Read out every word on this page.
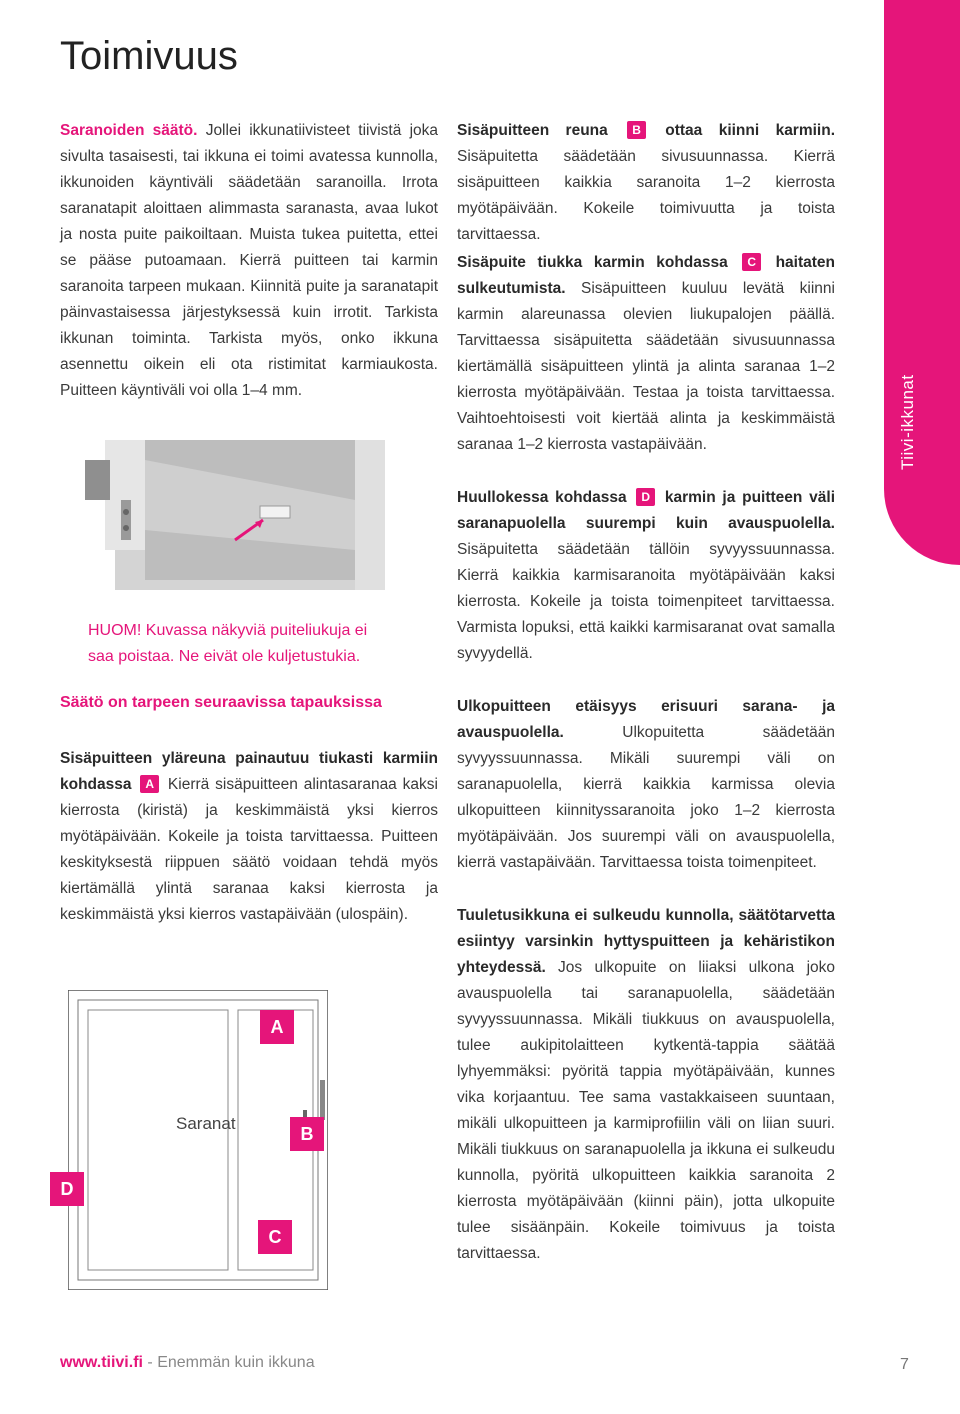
Tiivi-ikkunat
Toimivuus

Saranoiden säätö. Jollei ikkunatiivisteet tiivistä joka sivulta tasaisesti, tai ikkuna ei toimi avatessa kunnolla, ikkunoiden käyntiväli säädetään saranoilla. Irrota saranatapit aloittaen alimmasta saranasta, avaa lukot ja nosta puite paikoiltaan. Muista tukea puitetta, ettei se pääse putoamaan. Kierrä puitteen tai karmin saranoita tarpeen mukaan. Kiinnitä puite ja saranatapit päinvastaisessa järjestyksessä kuin irrotit. Tarkista ikkunan toiminta. Tarkista myös, onko ikkuna asennettu oikein eli ota ristimitat karmiaukosta. Puitteen käyntiväli voi olla 1–4 mm.

HUOM! Kuvassa näkyviä puiteliukuja ei
saa poistaa. Ne eivät ole kuljetustukia.

Säätö on tarpeen seuraavissa tapauksissa

Sisäpuitteen yläreuna painautuu tiukasti karmiin kohdassa A Kierrä sisäpuitteen alintasaranaa kaksi kierrosta (kiristä) ja keskimmäistä yksi kierros myötäpäivään. Kokeile ja toista tarvittaessa. Puitteen keskityksestä riippuen säätö voidaan tehdä myös kiertämällä ylintä saranaa kaksi kierrosta ja keskimmäistä yksi kierros vastapäivään (ulospäin).

A
B
C
D
Saranat

Sisäpuitteen reuna B ottaa kiinni karmiin. Sisäpuitetta säädetään sivusuunnassa. Kierrä sisäpuitteen kaikkia saranoita 1–2 kierrosta myötäpäivään. Kokeile toimivuutta ja toista tarvittaessa.

Sisäpuite tiukka karmin kohdassa C haitaten sulkeutumista. Sisäpuitteen kuuluu levätä kiinni karmin alareunassa olevien liukupalojen päällä. Tarvittaessa sisäpuitetta säädetään sivusuunnassa kiertämällä sisäpuitteen ylintä ja alinta saranaa 1–2 kierrosta myötäpäivään. Testaa ja toista tarvittaessa. Vaihtoehtoisesti voit kiertää alinta ja keskimmäistä saranaa 1–2 kierrosta vastapäivään.

Huullokessa kohdassa D karmin ja puitteen väli saranapuolella suurempi kuin avauspuolella. Sisäpuitetta säädetään tällöin syvyyssuunnassa. Kierrä kaikkia karmisaranoita myötäpäivään kaksi kierrosta. Kokeile ja toista toimenpiteet tarvittaessa. Varmista lopuksi, että kaikki karmisaranat ovat samalla syvyydellä.

Ulkopuitteen etäisyys erisuuri sarana- ja avauspuolella. Ulkopuitetta säädetään syvyyssuunnassa. Mikäli suurempi väli on saranapuolella, kierrä kaikkia karmissa olevia ulkopuitteen kiinnityssaranoita joko 1–2 kierrosta myötäpäivään. Jos suurempi väli on avauspuolella, kierrä vastapäivään. Tarvittaessa toista toimenpiteet.

Tuuletusikkuna ei sulkeudu kunnolla, säätötarvetta esiintyy varsinkin hyttyspuitteen ja kehäristikon yhteydessä. Jos ulkopuite on liiaksi ulkona joko avauspuolella tai saranapuolella, säädetään syvyyssuunnassa. Mikäli tiukkuus on avauspuolella, tulee aukipitolaitteen kytkentä-tappia säätää lyhyemmäksi: pyöritä tappia myötäpäivään, kunnes vika korjaantuu. Tee sama vastakkaiseen suuntaan, mikäli ulkopuitteen ja karmiprofiilin väli on liian suuri. Mikäli tiukkuus on saranapuolella ja ikkuna ei sulkeudu kunnolla, pyöritä ulkopuitteen kaikkia saranoita 2 kierrosta myötäpäivään (kiinni päin), jotta ulkopuite tulee sisäänpäin. Kokeile toimivuus ja toista tarvittaessa.

www.tiivi.fi - Enemmän kuin ikkuna	7
